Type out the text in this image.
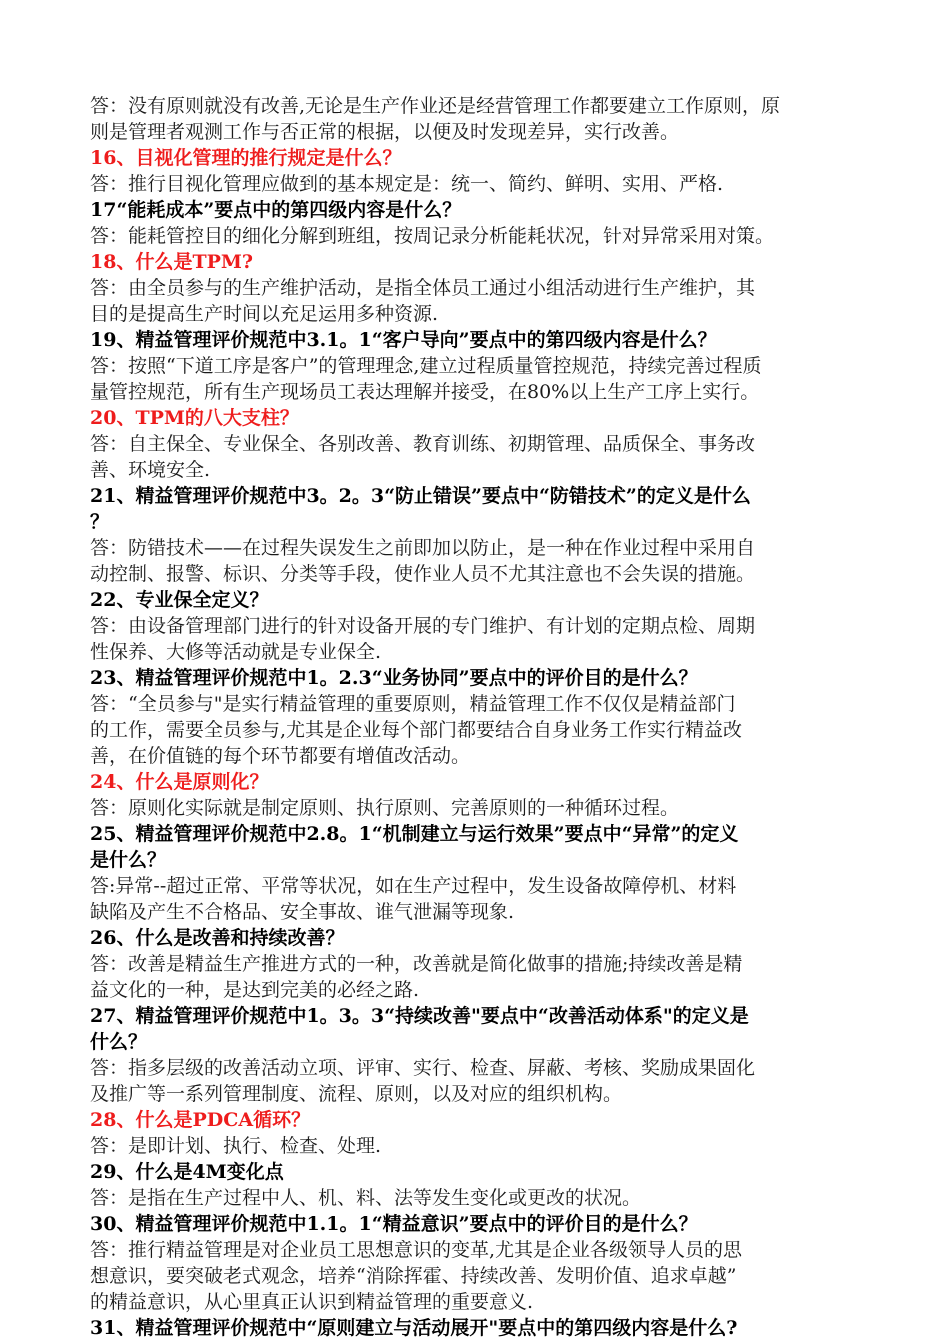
答：没有原则就没有改善,无论是生产作业还是经营管理工作都要建立工作原则，原
则是管理者观测工作与否正常的根据，以便及时发现差异，实行改善。
16、目视化管理的推行规定是什么？
答：推行目视化管理应做到的基本规定是：统一、简约、鲜明、实用、严格.
17“能耗成本”要点中的第四级内容是什么？
答：能耗管控目的细化分解到班组，按周记录分析能耗状况，针对异常采用对策。
18、什么是TPM?
答：由全员参与的生产维护活动，是指全体员工通过小组活动进行生产维护，其
目的是提高生产时间以充足运用多种资源.
19、精益管理评价规范中3.1。1“客户导向”要点中的第四级内容是什么？
答：按照“下道工序是客户”的管理理念,建立过程质量管控规范，持续完善过程质
量管控规范，所有生产现场员工表达理解并接受，在80%以上生产工序上实行。
20、TPM的八大支柱？
答：自主保全、专业保全、各别改善、教育训练、初期管理、品质保全、事务改
善、环境安全.
21、精益管理评价规范中3。2。3“防止错误”要点中“防错技术”的定义是什么
？
答：防错技术——在过程失误发生之前即加以防止，是一种在作业过程中采用自
动控制、报警、标识、分类等手段，使作业人员不尤其注意也不会失误的措施。
22、专业保全定义？
答：由设备管理部门进行的针对设备开展的专门维护、有计划的定期点检、周期
性保养、大修等活动就是专业保全.
23、精益管理评价规范中1。2.3“业务协同”要点中的评价目的是什么？
答：“全员参与"是实行精益管理的重要原则，精益管理工作不仅仅是精益部门
的工作，需要全员参与,尤其是企业每个部门都要结合自身业务工作实行精益改
善，在价值链的每个环节都要有增值改活动。
24、什么是原则化？
答：原则化实际就是制定原则、执行原则、完善原则的一种循环过程。
25、精益管理评价规范中2.8。1“机制建立与运行效果”要点中“异常”的定义
是什么？
答:异常--超过正常、平常等状况，如在生产过程中，发生设备故障停机、材料
缺陷及产生不合格品、安全事故、谁气泄漏等现象.
26、什么是改善和持续改善？
答：改善是精益生产推进方式的一种，改善就是简化做事的措施;持续改善是精
益文化的一种，是达到完美的必经之路.
27、精益管理评价规范中1。3。3“持续改善"要点中“改善活动体系"的定义是
什么？
答：指多层级的改善活动立项、评审、实行、检查、屏蔽、考核、奖励成果固化
及推广等一系列管理制度、流程、原则，以及对应的组织机构。
28、什么是PDCA循环？
答：是即计划、执行、检查、处理.
29、什么是4M变化点
答：是指在生产过程中人、机、料、法等发生变化或更改的状况。
30、精益管理评价规范中1.1。1“精益意识”要点中的评价目的是什么？
答：推行精益管理是对企业员工思想意识的变革,尤其是企业各级领导人员的思
想意识，要突破老式观念，培养“消除挥霍、持续改善、发明价值、追求卓越”
的精益意识，从心里真正认识到精益管理的重要意义.
31、精益管理评价规范中“原则建立与活动展开"要点中的第四级内容是什么?
